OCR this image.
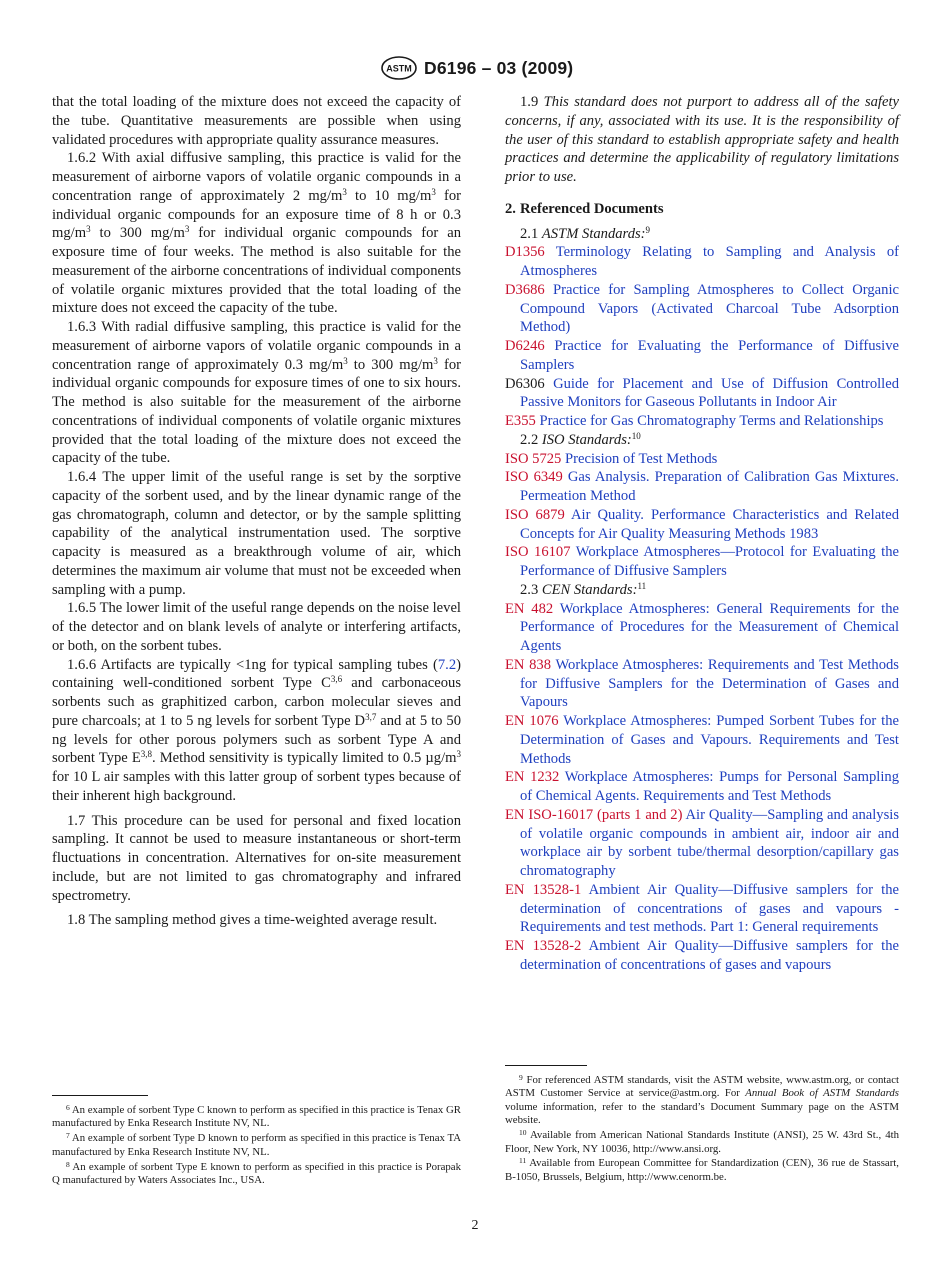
ASTM D6196 – 03 (2009)

that the total loading of the mixture does not exceed the capacity of the tube. Quantitative measurements are possible when using validated procedures with appropriate quality assurance measures.

1.6.2 With axial diffusive sampling, this practice is valid for the measurement of airborne vapors of volatile organic compounds in a concentration range of approximately 2 $mg/m^3$ to 10 $mg/m^3$ for individual organic compounds for an exposure time of 8 h or 0.3 $mg/m^3$ to 300 $mg/m^3$ for individual organic compounds for an exposure time of four weeks. The method is also suitable for the measurement of the airborne concentrations of individual components of volatile organic mixtures provided that the total loading of the mixture does not exceed the capacity of the tube.

1.6.3 With radial diffusive sampling, this practice is valid for the measurement of airborne vapors of volatile organic compounds in a concentration range of approximately 0.3 $mg/m^3$ to 300 $mg/m^3$ for individual organic compounds for exposure times of one to six hours. The method is also suitable for the measurement of the airborne concentrations of individual components of volatile organic mixtures provided that the total loading of the mixture does not exceed the capacity of the tube.

1.6.4 The upper limit of the useful range is set by the sorptive capacity of the sorbent used, and by the linear dynamic range of the gas chromatograph, column and detector, or by the sample splitting capability of the analytical instrumentation used. The sorptive capacity is measured as a breakthrough volume of air, which determines the maximum air volume that must not be exceeded when sampling with a pump.

1.6.5 The lower limit of the useful range depends on the noise level of the detector and on blank levels of analyte or interfering artifacts, or both, on the sorbent tubes.

1.6.6 Artifacts are typically <1ng for typical sampling tubes (7.2) containing well-conditioned sorbent Type C$^{3,6}$ and carbonaceous sorbents such as graphitized carbon, carbon molecular sieves and pure charcoals; at 1 to 5 ng levels for sorbent Type D$^{3,7}$ and at 5 to 50 ng levels for other porous polymers such as sorbent Type A and sorbent Type E$^{3,8}$. Method sensitivity is typically limited to 0.5 $\mu g/m^3$ for 10 L air samples with this latter group of sorbent types because of their inherent high background.

1.7 This procedure can be used for personal and fixed location sampling. It cannot be used to measure instantaneous or short-term fluctuations in concentration. Alternatives for on-site measurement include, but are not limited to gas chromatography and infrared spectrometry.

1.8 The sampling method gives a time-weighted average result.

1.9 This standard does not purport to address all of the safety concerns, if any, associated with its use. It is the responsibility of the user of this standard to establish appropriate safety and health practices and determine the applicability of regulatory limitations prior to use.

2. Referenced Documents
2.1 ASTM Standards:$^9$
D1356 Terminology Relating to Sampling and Analysis of Atmospheres
D3686 Practice for Sampling Atmospheres to Collect Organic Compound Vapors (Activated Charcoal Tube Adsorption Method)
D6246 Practice for Evaluating the Performance of Diffusive Samplers
D6306 Guide for Placement and Use of Diffusion Controlled Passive Monitors for Gaseous Pollutants in Indoor Air
E355 Practice for Gas Chromatography Terms and Relationships
2.2 ISO Standards:$^{10}$
ISO 5725 Precision of Test Methods
ISO 6349 Gas Analysis. Preparation of Calibration Gas Mixtures. Permeation Method
ISO 6879 Air Quality. Performance Characteristics and Related Concepts for Air Quality Measuring Methods 1983
ISO 16107 Workplace Atmospheres—Protocol for Evaluating the Performance of Diffusive Samplers
2.3 CEN Standards:$^{11}$
EN 482 Workplace Atmospheres: General Requirements for the Performance of Procedures for the Measurement of Chemical Agents
EN 838 Workplace Atmospheres: Requirements and Test Methods for Diffusive Samplers for the Determination of Gases and Vapours
EN 1076 Workplace Atmospheres: Pumped Sorbent Tubes for the Determination of Gases and Vapours. Requirements and Test Methods
EN 1232 Workplace Atmospheres: Pumps for Personal Sampling of Chemical Agents. Requirements and Test Methods
EN ISO-16017 (parts 1 and 2) Air Quality—Sampling and analysis of volatile organic compounds in ambient air, indoor air and workplace air by sorbent tube/thermal desorption/capillary gas chromatography
EN 13528-1 Ambient Air Quality—Diffusive samplers for the determination of concentrations of gases and vapours - Requirements and test methods. Part 1: General requirements
EN 13528-2 Ambient Air Quality—Diffusive samplers for the determination of concentrations of gases and vapours

$^6$ An example of sorbent Type C known to perform as specified in this practice is Tenax GR manufactured by Enka Research Institute NV, NL.

$^7$ An example of sorbent Type D known to perform as specified in this practice is Tenax TA manufactured by Enka Research Institute NV, NL.

$^8$ An example of sorbent Type E known to perform as specified in this practice is Porapak Q manufactured by Waters Associates Inc., USA.

$^9$ For referenced ASTM standards, visit the ASTM website, www.astm.org, or contact ASTM Customer Service at service@astm.org. For Annual Book of ASTM Standards volume information, refer to the standard’s Document Summary page on the ASTM website.

$^{10}$ Available from American National Standards Institute (ANSI), 25 W. 43rd St., 4th Floor, New York, NY 10036, http://www.ansi.org.

$^{11}$ Available from European Committee for Standardization (CEN), 36 rue de Stassart, B-1050, Brussels, Belgium, http://www.cenorm.be.

2
